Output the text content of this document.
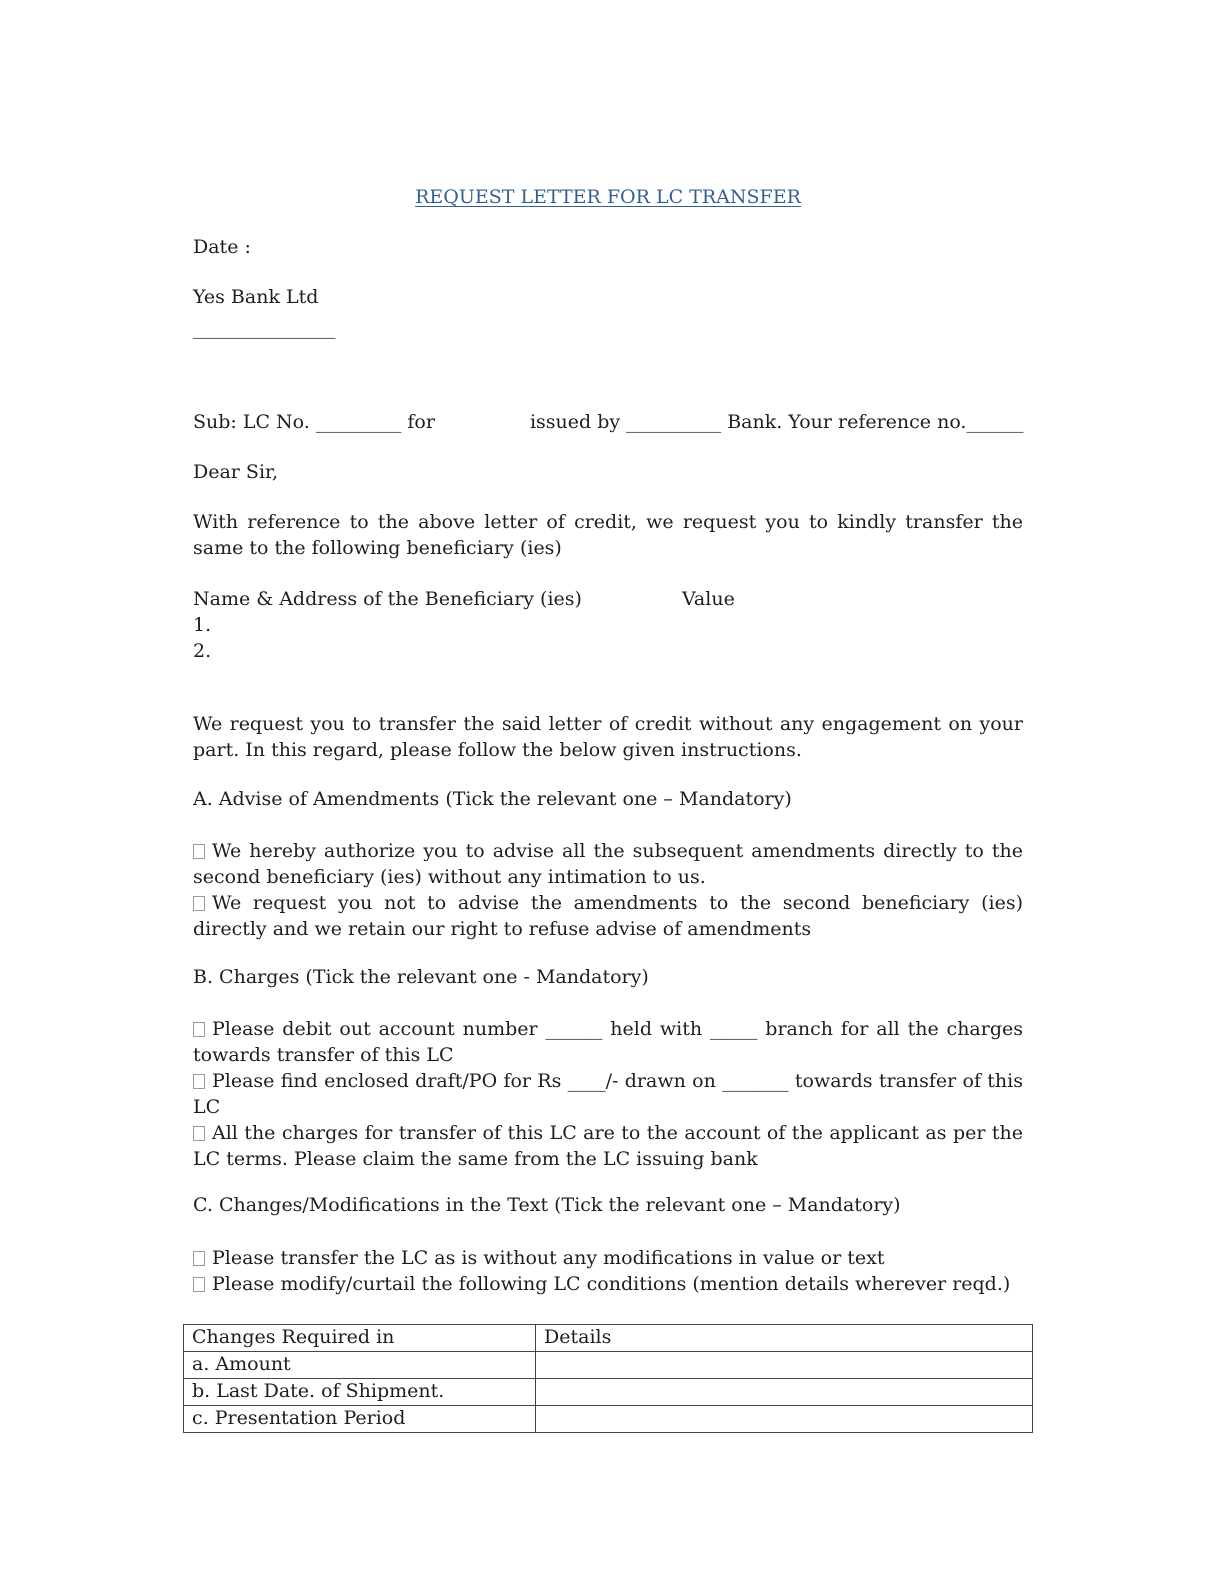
REQUEST LETTER FOR LC TRANSFER

Date :

Yes Bank Ltd

_______________

Sub: LC No. _________ for	issued by __________ Bank. Your reference no.______

Dear Sir,

With reference to the above letter of credit, we request you to kindly transfer the same to the following beneficiary (ies)

Name & Address of the Beneficiary (ies)	Value

1.

2.

We request you to transfer the said letter of credit without any engagement on your part. In this regard, please follow the below given instructions.

A. Advise of Amendments (Tick the relevant one – Mandatory)

We hereby authorize you to advise all the subsequent amendments directly to the second beneficiary (ies) without any intimation to us.

We request you not to advise the amendments to the second beneficiary (ies) directly and we retain our right to refuse advise of amendments

B. Charges (Tick the relevant one - Mandatory)

Please debit out account number ______ held with _____ branch for all the charges towards transfer of this LC

Please find enclosed draft/PO for Rs ____/- drawn on _______ towards transfer of this LC

All the charges for transfer of this LC are to the account of the applicant as per the LC terms. Please claim the same from the LC issuing bank

C. Changes/Modifications in the Text (Tick the relevant one – Mandatory)

Please transfer the LC as is without any modifications in value or text

Please modify/curtail the following LC conditions (mention details wherever reqd.)

Changes Required in	Details
a. Amount	
b. Last Date. of Shipment.	
c. Presentation Period	
